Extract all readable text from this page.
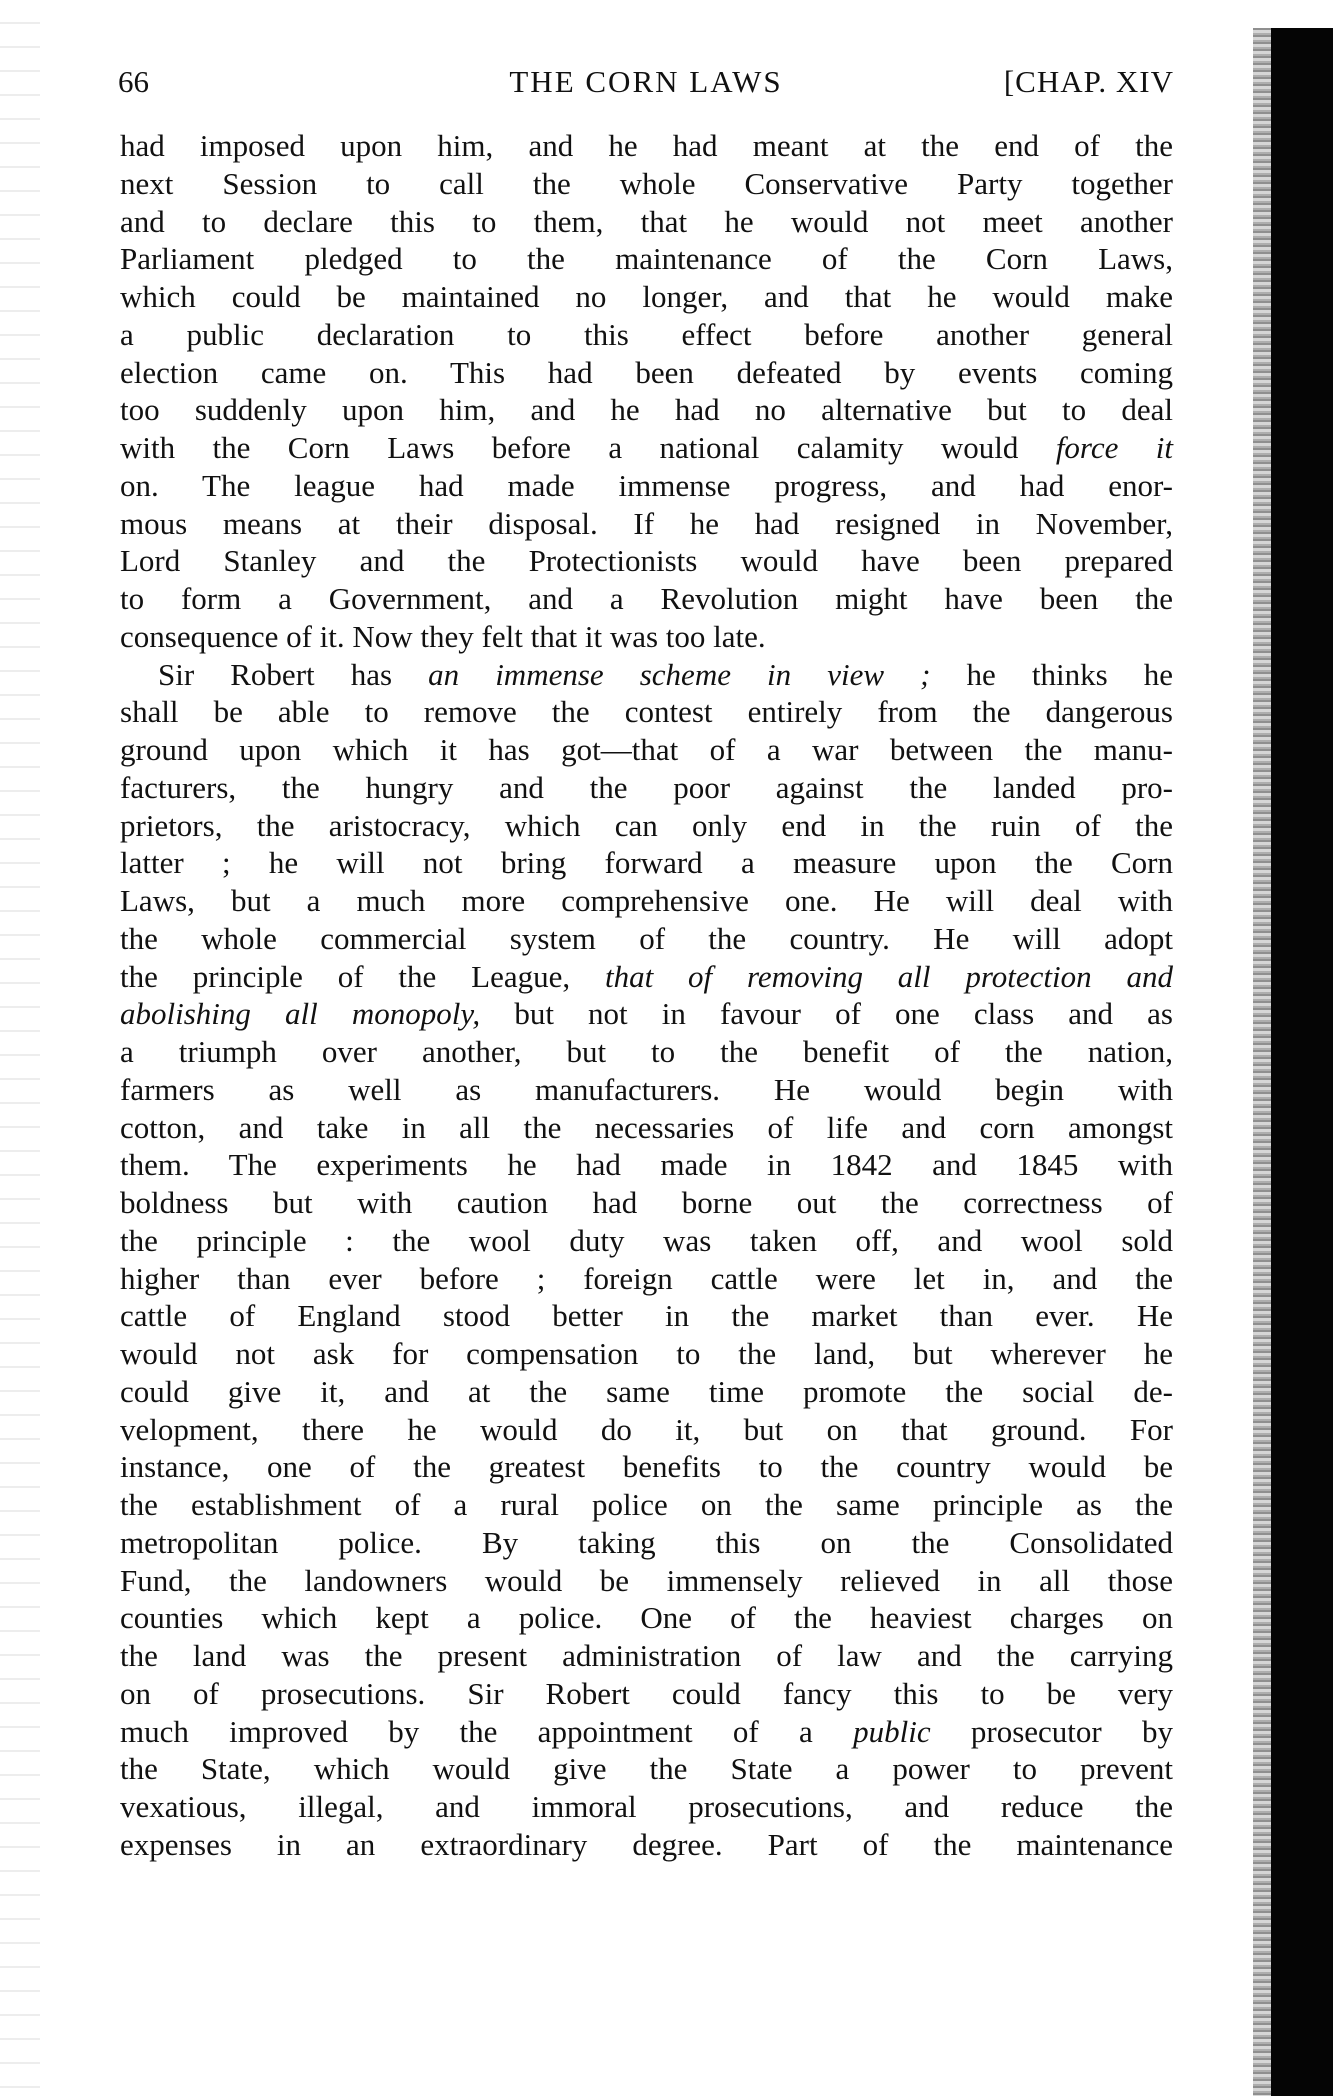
66	THE CORN LAWS	[CHAP. XIV
had imposed upon him, and he had meant at the end of the
next Session to call the whole Conservative Party together
and to declare this to them, that he would not meet another
Parliament pledged to the maintenance of the Corn Laws,
which could be maintained no longer, and that he would make
a public declaration to this effect before another general
election came on. This had been defeated by events coming
too suddenly upon him, and he had no alternative but to deal
with the Corn Laws before a national calamity would force it
on. The league had made immense progress, and had enor-
mous means at their disposal. If he had resigned in November,
Lord Stanley and the Protectionists would have been prepared
to form a Government, and a Revolution might have been the
consequence of it. Now they felt that it was too late.
Sir Robert has an immense scheme in view ; he thinks he
shall be able to remove the contest entirely from the dangerous
ground upon which it has got—that of a war between the manu-
facturers, the hungry and the poor against the landed pro-
prietors, the aristocracy, which can only end in the ruin of the
latter ; he will not bring forward a measure upon the Corn
Laws, but a much more comprehensive one. He will deal with
the whole commercial system of the country. He will adopt
the principle of the League, that of removing all protection and
abolishing all monopoly, but not in favour of one class and as
a triumph over another, but to the benefit of the nation,
farmers as well as manufacturers. He would begin with
cotton, and take in all the necessaries of life and corn amongst
them. The experiments he had made in 1842 and 1845 with
boldness but with caution had borne out the correctness of
the principle : the wool duty was taken off, and wool sold
higher than ever before ; foreign cattle were let in, and the
cattle of England stood better in the market than ever. He
would not ask for compensation to the land, but wherever he
could give it, and at the same time promote the social de-
velopment, there he would do it, but on that ground. For
instance, one of the greatest benefits to the country would be
the establishment of a rural police on the same principle as the
metropolitan police. By taking this on the Consolidated
Fund, the landowners would be immensely relieved in all those
counties which kept a police. One of the heaviest charges on
the land was the present administration of law and the carrying
on of prosecutions. Sir Robert could fancy this to be very
much improved by the appointment of a public prosecutor by
the State, which would give the State a power to prevent
vexatious, illegal, and immoral prosecutions, and reduce the
expenses in an extraordinary degree. Part of the maintenance
